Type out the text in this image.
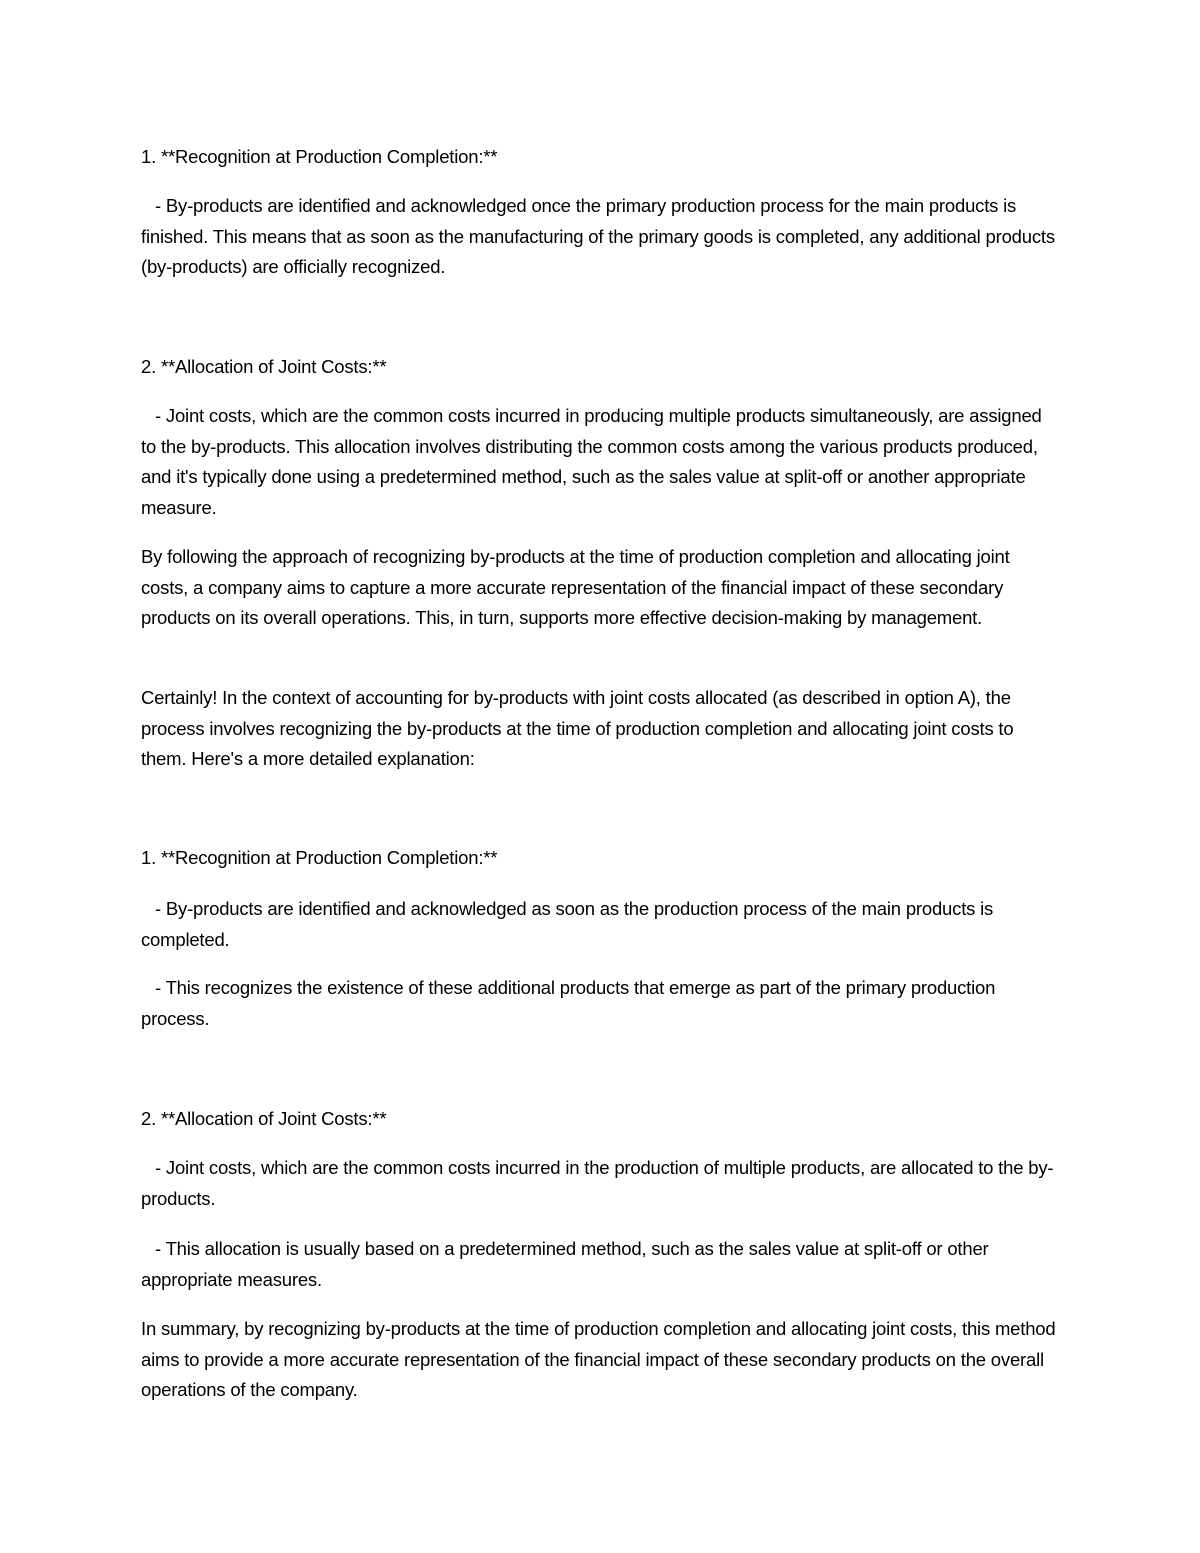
1. **Recognition at Production Completion:**

- By-products are identified and acknowledged once the primary production process for the main products is finished. This means that as soon as the manufacturing of the primary goods is completed, any additional products (by-products) are officially recognized.

2. **Allocation of Joint Costs:**

- Joint costs, which are the common costs incurred in producing multiple products simultaneously, are assigned to the by-products. This allocation involves distributing the common costs among the various products produced, and it's typically done using a predetermined method, such as the sales value at split-off or another appropriate measure.

By following the approach of recognizing by-products at the time of production completion and allocating joint costs, a company aims to capture a more accurate representation of the financial impact of these secondary products on its overall operations. This, in turn, supports more effective decision-making by management.

Certainly! In the context of accounting for by-products with joint costs allocated (as described in option A), the process involves recognizing the by-products at the time of production completion and allocating joint costs to them. Here's a more detailed explanation:

1. **Recognition at Production Completion:**

- By-products are identified and acknowledged as soon as the production process of the main products is completed.

- This recognizes the existence of these additional products that emerge as part of the primary production process.

2. **Allocation of Joint Costs:**

- Joint costs, which are the common costs incurred in the production of multiple products, are allocated to the by-products.

- This allocation is usually based on a predetermined method, such as the sales value at split-off or other appropriate measures.

In summary, by recognizing by-products at the time of production completion and allocating joint costs, this method aims to provide a more accurate representation of the financial impact of these secondary products on the overall operations of the company.
